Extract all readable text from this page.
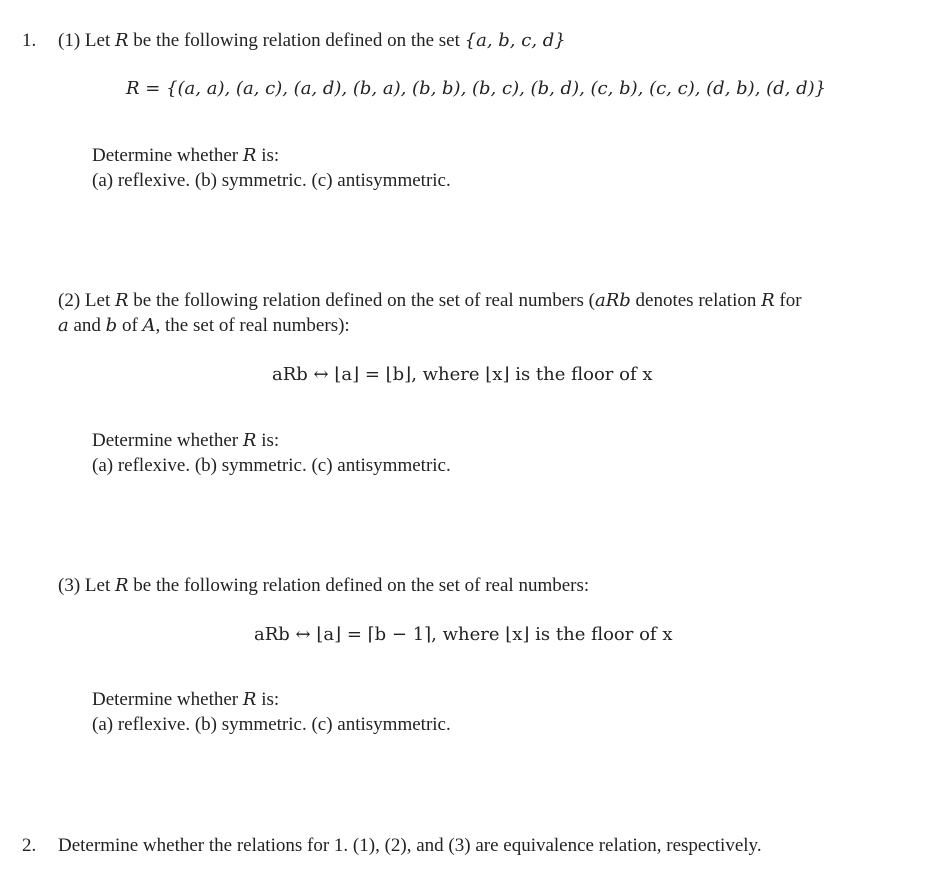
1. (1) Let R be the following relation defined on the set {a, b, c, d}
R = {(a, a), (a, c), (a, d), (b, a), (b, b), (b, c), (b, d), (c, b), (c, c), (d, b), (d, d)}
Determine whether R is:
(a) reflexive. (b) symmetric. (c) antisymmetric.
(2) Let R be the following relation defined on the set of real numbers (aRb denotes relation R for
a and b of A, the set of real numbers):
aRb ↔ ⌊a⌋ = ⌊b⌋, where ⌊x⌋ is the floor of x
Determine whether R is:
(a) reflexive. (b) symmetric. (c) antisymmetric.
(3) Let R be the following relation defined on the set of real numbers:
aRb ↔ ⌊a⌋ = ⌈b − 1⌉, where ⌊x⌋ is the floor of x
Determine whether R is:
(a) reflexive. (b) symmetric. (c) antisymmetric.
2. Determine whether the relations for 1. (1), (2), and (3) are equivalence relation, respectively.
